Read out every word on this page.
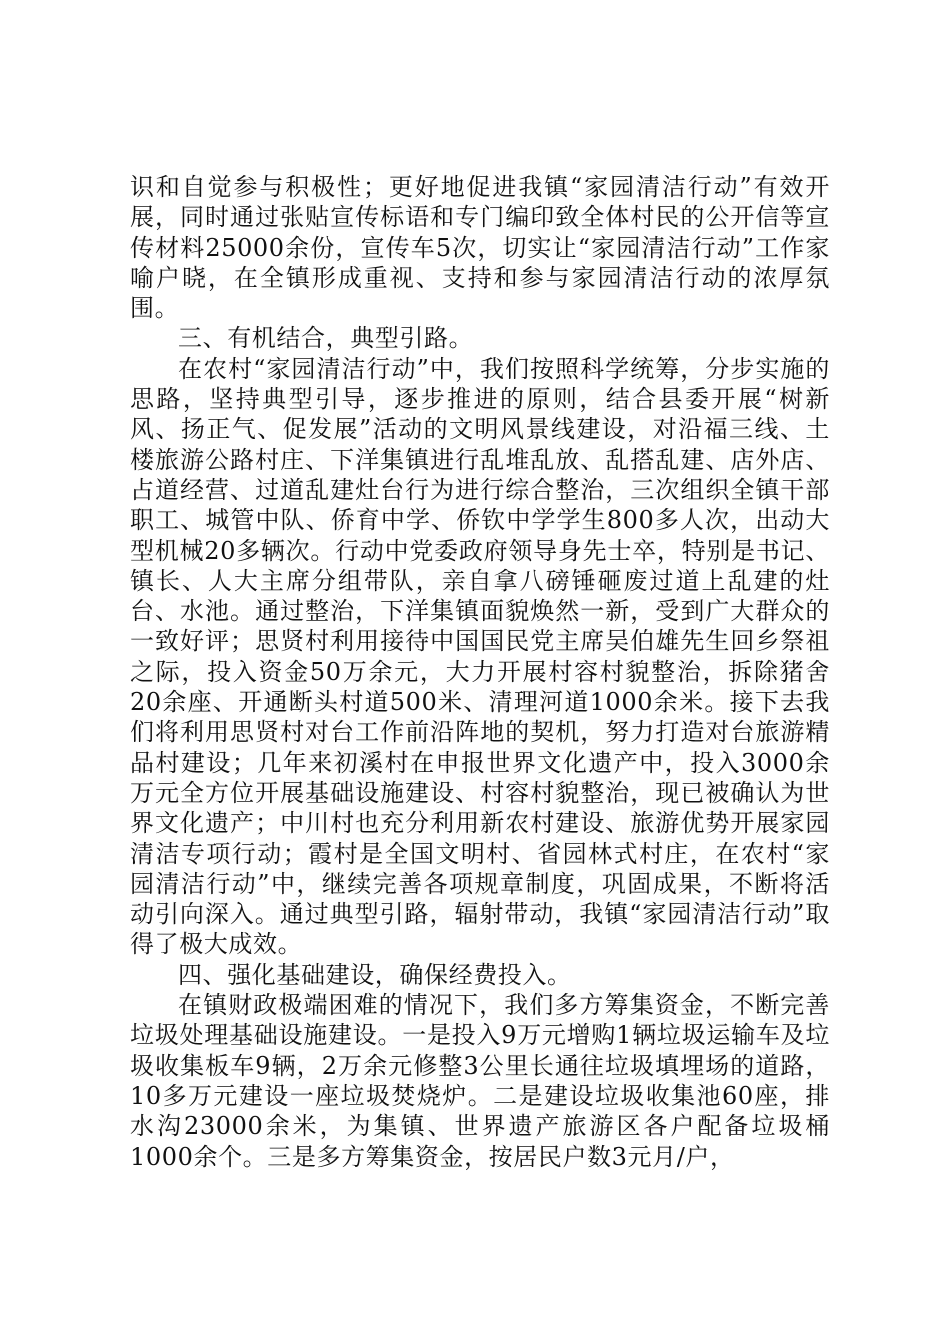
识和自觉参与积极性；更好地促进我镇“家园清洁行动”有效开展，同时通过张贴宣传标语和专门编印致全体村民的公开信等宣传材料25000余份，宣传车5次，切实让“家园清洁行动”工作家喻户晓，在全镇形成重视、支持和参与家园清洁行动的浓厚氛围。

三、有机结合，典型引路。

在农村“家园清洁行动”中，我们按照科学统筹，分步实施的思路，坚持典型引导，逐步推进的原则，结合县委开展“树新风、扬正气、促发展”活动的文明风景线建设，对沿福三线、土楼旅游公路村庄、下洋集镇进行乱堆乱放、乱搭乱建、店外店、占道经营、过道乱建灶台行为进行综合整治，三次组织全镇干部职工、城管中队、侨育中学、侨钦中学学生800多人次，出动大型机械20多辆次。行动中党委政府领导身先士卒，特别是书记、镇长、人大主席分组带队，亲自拿八磅锤砸废过道上乱建的灶台、水池。通过整治，下洋集镇面貌焕然一新，受到广大群众的一致好评；思贤村利用接待中国国民党主席吴伯雄先生回乡祭祖之际，投入资金50万余元，大力开展村容村貌整治，拆除猪舍20余座、开通断头村道500米、清理河道1000余米。接下去我们将利用思贤村对台工作前沿阵地的契机，努力打造对台旅游精品村建设；几年来初溪村在申报世界文化遗产中，投入3000余万元全方位开展基础设施建设、村容村貌整治，现已被确认为世界文化遗产；中川村也充分利用新农村建设、旅游优势开展家园清洁专项行动；霞村是全国文明村、省园林式村庄，在农村“家园清洁行动”中，继续完善各项规章制度，巩固成果，不断将活动引向深入。通过典型引路，辐射带动，我镇“家园清洁行动”取得了极大成效。

四、强化基础建设，确保经费投入。

在镇财政极端困难的情况下，我们多方筹集资金，不断完善垃圾处理基础设施建设。一是投入9万元增购1辆垃圾运输车及垃圾收集板车9辆，2万余元修整3公里长通往垃圾填埋场的道路，10多万元建设一座垃圾焚烧炉。二是建设垃圾收集池60座，排水沟23000余米，为集镇、世界遗产旅游区各户配备垃圾桶1000余个。三是多方筹集资金，按居民户数3元月/户，
